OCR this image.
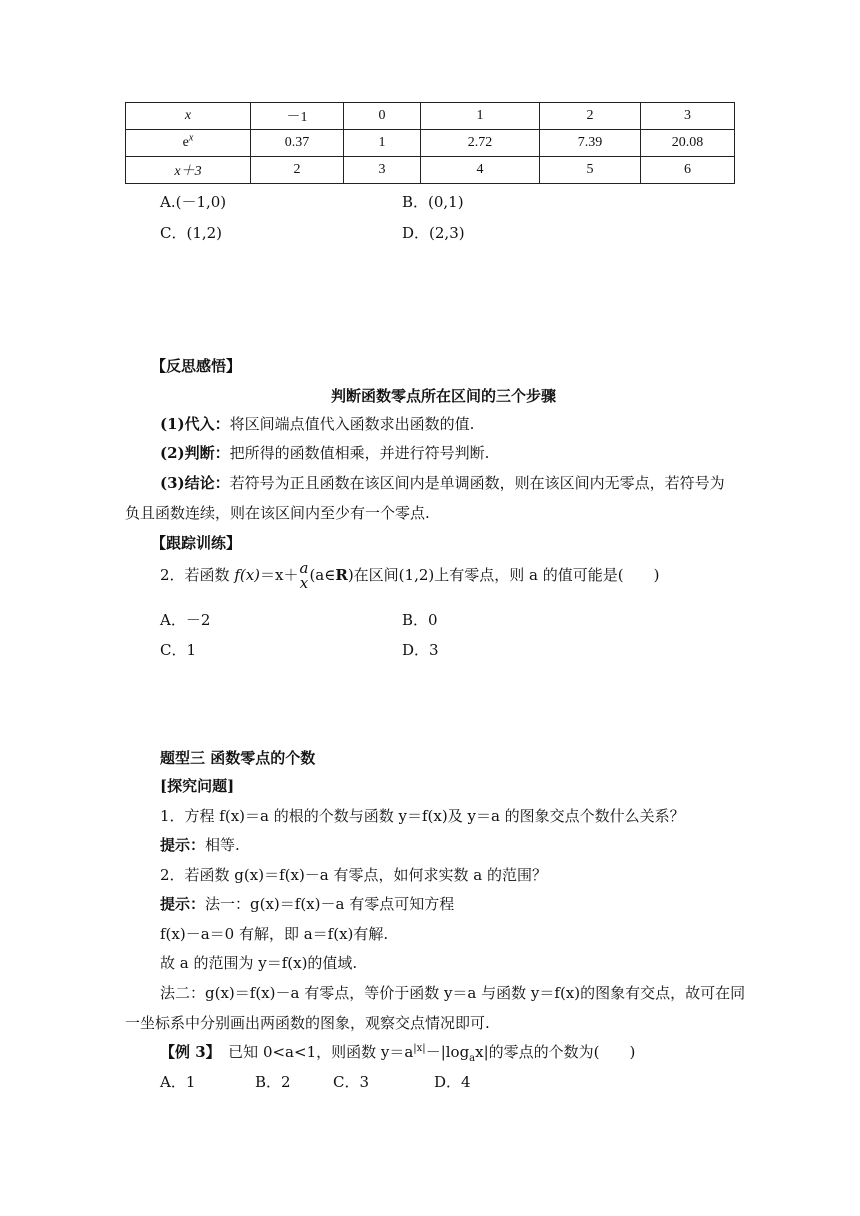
x	－1	0	1	2	3
$e^x$	0.37	1	2.72	7.39	20.08
x＋3	2	3	4	5	6
A.(－1,0)	B．(0,1)
C．(1,2)	D．(2,3)
【反思感悟】
判断函数零点所在区间的三个步骤
(1)代入：将区间端点值代入函数求出函数的值.
(2)判断：把所得的函数值相乘，并进行符号判断.
(3)结论：若符号为正且函数在该区间内是单调函数，则在该区间内无零点，若符号为
负且函数连续，则在该区间内至少有一个零点.
【跟踪训练】
2．若函数 f(x)＝x＋ a
x (a∈R)在区间(1,2)上有零点，则 a 的值可能是(　　)
A．－2	B．0
C．1	D．3
题型三 函数零点的个数
[探究问题]
1．方程 f(x)＝a 的根的个数与函数 y＝f(x)及 y＝a 的图象交点个数什么关系？
提示：相等.
2．若函数 g(x)＝f(x)－a 有零点，如何求实数 a 的范围？
提示：法一：g(x)＝f(x)－a 有零点可知方程
f(x)－a＝0 有解，即 a＝f(x)有解.
故 a 的范围为 y＝f(x)的值域.
法二：g(x)＝f(x)－a 有零点，等价于函数 y＝a 与函数 y＝f(x)的图象有交点，故可在同
一坐标系中分别画出两函数的图象，观察交点情况即可.
【例 3】　已知 0<a<1，则函数 $y=a^{|x|}-|\log_ax|$的零点的个数为(　　)
A．1	B．2	C．3	D．4
